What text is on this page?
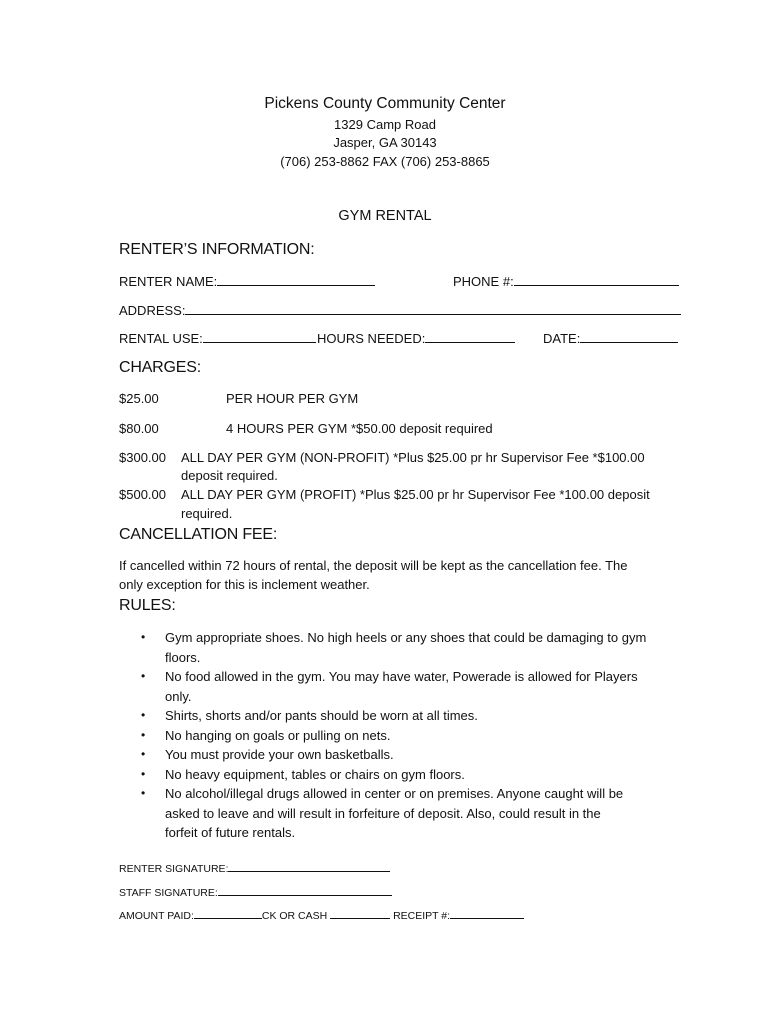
Pickens County Community Center
1329 Camp Road
Jasper, GA 30143
(706) 253-8862 FAX (706) 253-8865
GYM RENTAL
RENTER’S INFORMATION:
RENTER NAME:	PHONE #:
ADDRESS:
RENTAL USE:	HOURS NEEDED:	DATE:
CHARGES:
$25.00	PER HOUR PER GYM
$80.00	4 HOURS PER GYM *$50.00 deposit required
$300.00 ALL DAY PER GYM (NON-PROFIT) *Plus $25.00 pr hr Supervisor Fee *$100.00
deposit required.
$500.00 ALL DAY PER GYM (PROFIT) *Plus $25.00 pr hr Supervisor Fee *100.00 deposit
required.
CANCELLATION FEE:
If cancelled within 72 hours of rental, the deposit will be kept as the cancellation fee. The
only exception for this is inclement weather.
RULES:
• Gym appropriate shoes. No high heels or any shoes that could be damaging to gym
floors.
• No food allowed in the gym. You may have water, Powerade is allowed for Players
only.
• Shirts, shorts and/or pants should be worn at all times.
• No hanging on goals or pulling on nets.
• You must provide your own basketballs.
• No heavy equipment, tables or chairs on gym floors.
• No alcohol/illegal drugs allowed in center or on premises. Anyone caught will be
asked to leave and will result in forfeiture of deposit. Also, could result in the
forfeit of future rentals.
RENTER SIGNATURE:
STAFF SIGNATURE:
AMOUNT PAID:	CK OR CASH	RECEIPT #:
